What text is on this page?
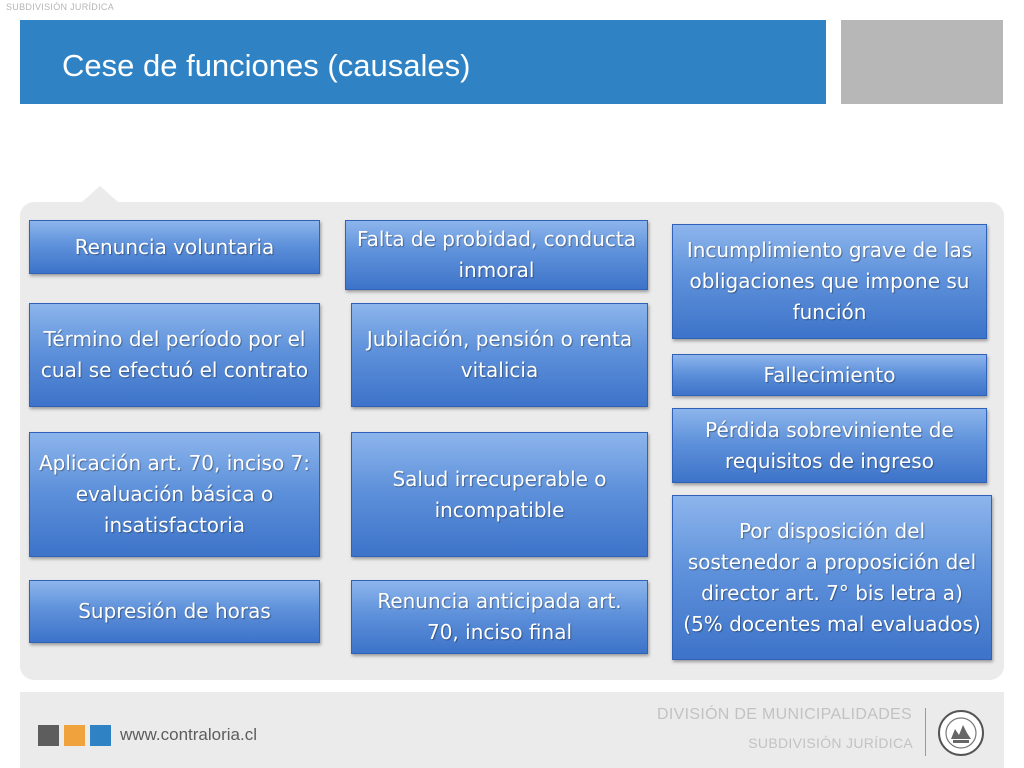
SUBDIVISIÓN JURÍDICA
Cese de funciones (causales)
Renuncia voluntaria
Término del período por el cual se efectuó el contrato
Aplicación art. 70, inciso 7: evaluación básica o insatisfactoria
Supresión de horas
Falta de probidad, conducta inmoral
Jubilación, pensión o renta vitalicia
Salud irrecuperable o incompatible
Renuncia anticipada art. 70, inciso final
Incumplimiento grave de las obligaciones que impone su función
Fallecimiento
Pérdida sobreviniente de requisitos de ingreso
Por disposición del sostenedor a proposición del director art. 7° bis letra a) (5% docentes mal evaluados)
www.contraloria.cl
DIVISIÓN DE MUNICIPALIDADES
SUBDIVISIÓN JURÍDICA
